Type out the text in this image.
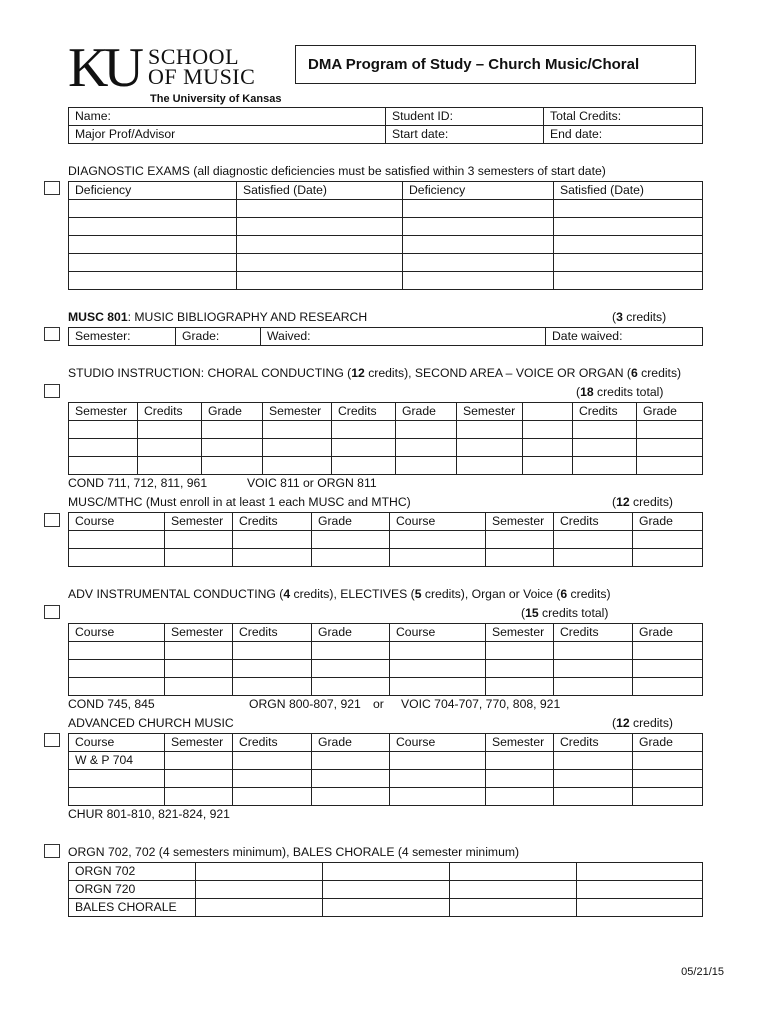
KU SCHOOL
OF MUSIC
The University of Kansas
DMA Program of Study – Church Music/Choral
Name:	Student ID:	Total Credits:
Major Prof/Advisor	Start date:	End date:
DIAGNOSTIC EXAMS (all diagnostic deficiencies must be satisfied within 3 semesters of start date)
Deficiency	Satisfied (Date)	Deficiency	Satisfied (Date)

MUSC 801: MUSIC BIBLIOGRAPHY AND RESEARCH	(3 credits)
Semester:	Grade:	Waived:	Date waived:
STUDIO INSTRUCTION: CHORAL CONDUCTING (12 credits), SECOND AREA – VOICE OR ORGAN (6 credits)
(18 credits total)
Semester	Credits	Grade	Semester	Credits	Grade	Semester		Credits	Grade

COND 711, 712, 811, 961	VOIC 811 or ORGN 811
MUSC/MTHC (Must enroll in at least 1 each MUSC and MTHC)	(12 credits)
Course	Semester	Credits	Grade	Course	Semester	Credits	Grade

ADV INSTRUMENTAL CONDUCTING (4 credits), ELECTIVES (5 credits), Organ or Voice (6 credits)
(15 credits total)
Course	Semester	Credits	Grade	Course	Semester	Credits	Grade

COND 745, 845	ORGN 800-807, 921 or VOIC 704-707, 770, 808, 921
ADVANCED CHURCH MUSIC	(12 credits)
Course	Semester	Credits	Grade	Course	Semester	Credits	Grade
W & P 704							

CHUR 801-810, 821-824, 921
ORGN 702, 702 (4 semesters minimum), BALES CHORALE (4 semester minimum)
ORGN 702				
ORGN 720				
BALES CHORALE				
05/21/15
